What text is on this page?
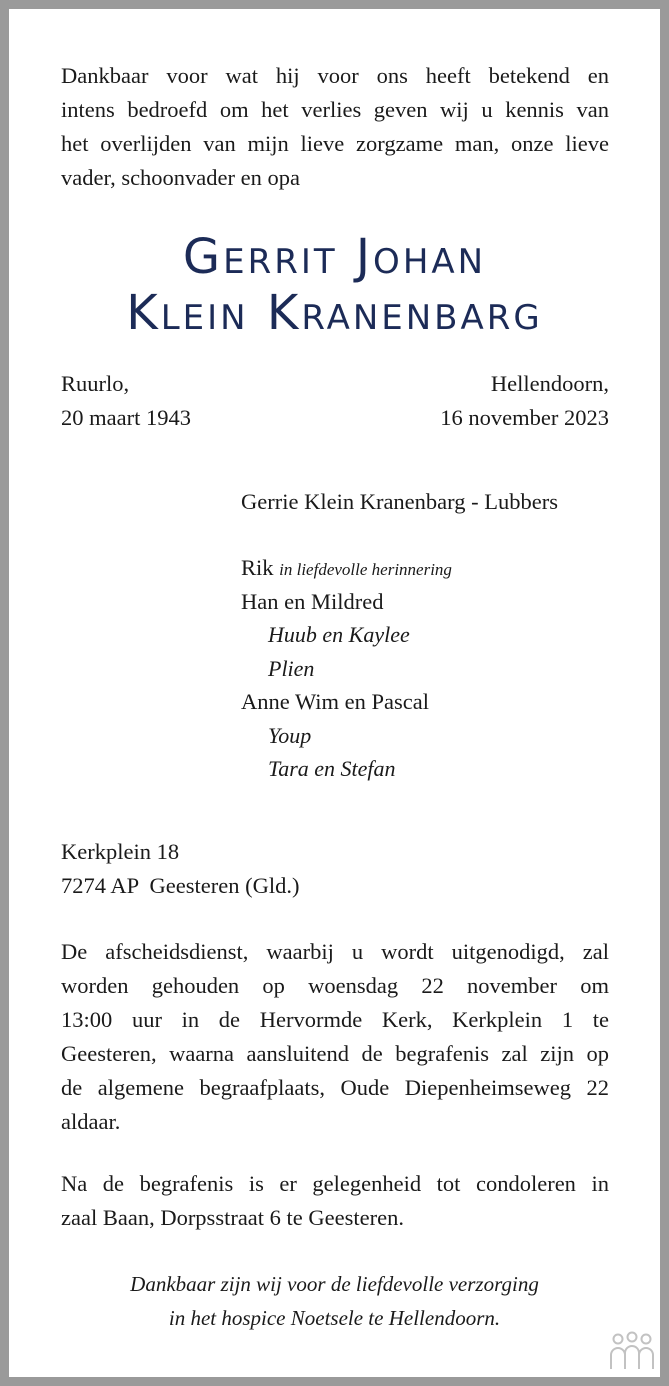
Dankbaar voor wat hij voor ons heeft betekend en
intens bedroefd om het verlies geven wij u kennis van
het overlijden van mijn lieve zorgzame man, onze lieve
vader, schoonvader en opa

Gerrit Johan

Klein Kranenbarg

Ruurlo,
20 maart 1943
Hellendoorn,
16 november 2023
Gerrie Klein Kranenbarg - Lubbers
Rik in liefdevolle herinnering
Han en Mildred
Huub en Kaylee
Plien
Anne Wim en Pascal
Youp
Tara en Stefan
Kerkplein 18
7274 AP  Geesteren (Gld.)

De afscheidsdienst, waarbij u wordt uitgenodigd, zal
worden gehouden op woensdag 22 november om
13:00 uur in de Hervormde Kerk, Kerkplein 1 te
Geesteren, waarna aansluitend de begrafenis zal zijn op
de algemene begraafplaats, Oude Diepenheimseweg 22
aldaar.

Na de begrafenis is er gelegenheid tot condoleren in
zaal Baan, Dorpsstraat 6 te Geesteren.

Dankbaar zijn wij voor de liefdevolle verzorging
in het hospice Noetsele te Hellendoorn.
